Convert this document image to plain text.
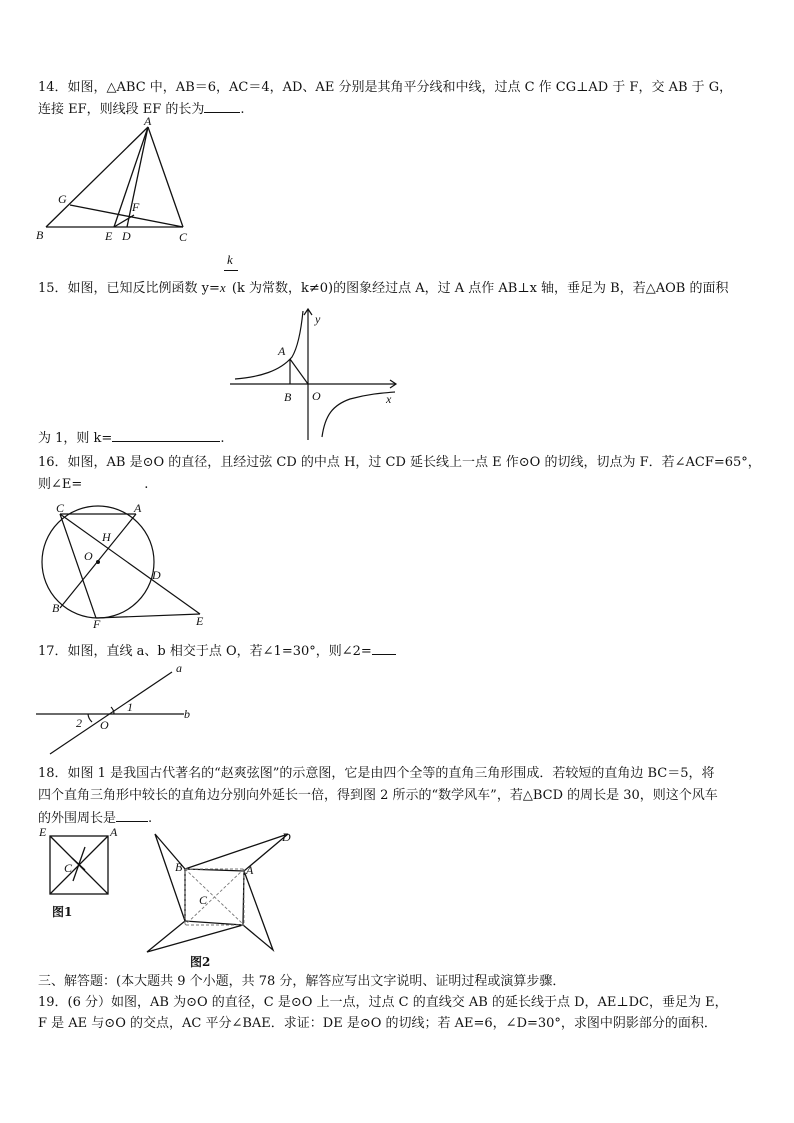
14．如图，△ABC 中，AB＝6，AC＝4，AD、AE 分别是其角平分线和中线，过点 C 作 CG⊥AD 于 F，交 AB 于 G，
连接 EF，则线段 EF 的长为	.
A
B	C
D
E
F
G
k
15．如图，已知反比例函数 y=x (k 为常数，k≠0)的图象经过点 A，过 A 点作 AB⊥x 轴，垂足为 B，若△AOB 的面积
A
B O	x
y
为 1，则 k=	.
16．如图，AB 是⊙O 的直径，且经过弦 CD 的中点 H，过 CD 延长线上一点 E 作⊙O 的切线，切点为 F．若∠ACF=65°，
则∠E=	.
C	A
H
O
D
B
F	E
17．如图，直线 a、b 相交于点 O，若∠1=30°，则∠2=
a
b
1
2 O
18．如图 1 是我国古代著名的“赵爽弦图”的示意图，它是由四个全等的直角三角形围成．若较短的直角边 BC＝5，将
四个直角三角形中较长的直角边分别向外延长一倍，得到图 2 所示的“数学风车”，若△BCD 的周长是 30，则这个风车
的外围周长是 .
E	A
C
图1
B
D
A
C
图2
三、解答题：(本大题共 9 个小题，共 78 分，解答应写出文字说明、证明过程或演算步骤．
19．(6 分）如图，AB 为⊙O 的直径，C 是⊙O 上一点，过点 C 的直线交 AB 的延长线于点 D，AE⊥DC，垂足为 E，
F 是 AE 与⊙O 的交点，AC 平分∠BAE．求证：DE 是⊙O 的切线；若 AE=6，∠D=30°，求图中阴影部分的面积．
